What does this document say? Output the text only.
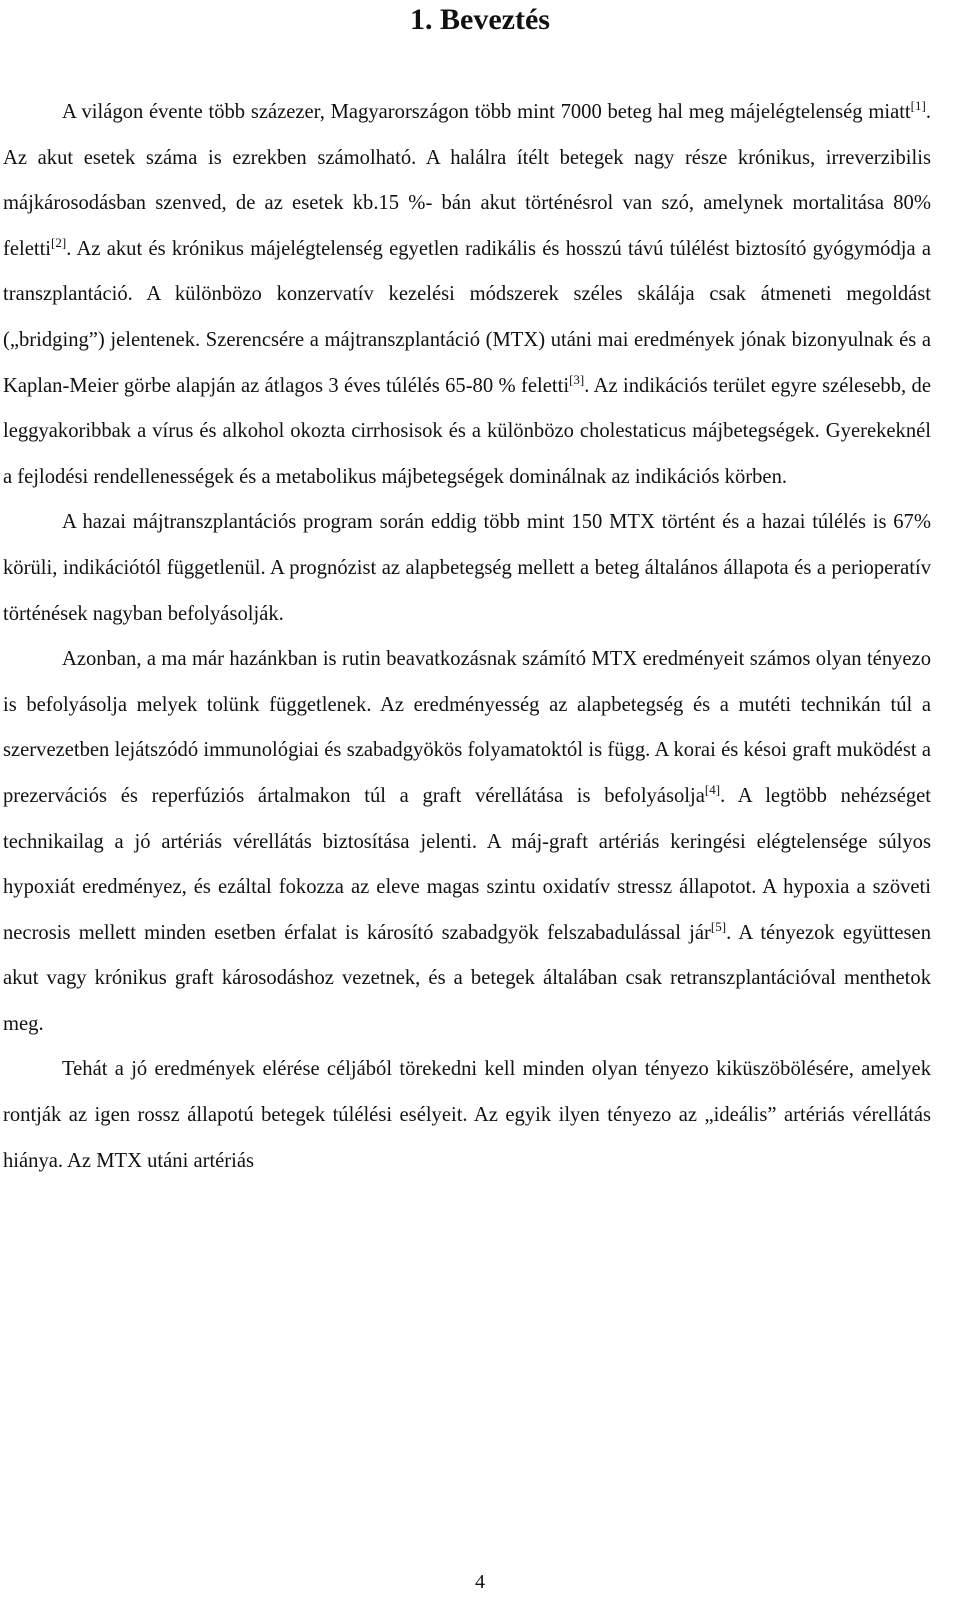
1. Beveztés

A világon évente több százezer, Magyarországon több mint 7000 beteg hal meg májelégtelenség miatt[1]. Az akut esetek száma is ezrekben számolható. A halálra ítélt betegek nagy része krónikus, irreverzibilis májkárosodásban szenved, de az esetek kb.15 %- bán akut történésrol van szó, amelynek mortalitása 80% feletti[2]. Az akut és krónikus májelégtelenség egyetlen radikális és hosszú távú túlélést biztosító gyógymódja a transzplantáció. A különbözo konzervatív kezelési módszerek széles skálája csak átmeneti megoldást („bridging”) jelentenek. Szerencsére a májtranszplantáció (MTX) utáni mai eredmények jónak bizonyulnak és a Kaplan-Meier görbe alapján az átlagos 3 éves túlélés 65-80 % feletti[3]. Az indikációs terület egyre szélesebb, de leggyakoribbak a vírus és alkohol okozta cirrhosisok és a különbözo cholestaticus májbetegségek. Gyerekeknél a fejlodési rendellenességek és a metabolikus májbetegségek dominálnak az indikációs körben.

A hazai májtranszplantációs program során eddig több mint 150 MTX történt és a hazai túlélés is 67% körüli, indikációtól függetlenül. A prognózist az alapbetegség mellett a beteg általános állapota és a perioperatív történések nagyban befolyásolják.

Azonban, a ma már hazánkban is rutin beavatkozásnak számító MTX eredményeit számos olyan tényezo is befolyásolja melyek tolünk függetlenek. Az eredményesség az alapbetegség és a mutéti technikán túl a szervezetben lejátszódó immunológiai és szabadgyökös folyamatoktól is függ. A korai és késoi graft muködést a prezervációs és reperfúziós ártalmakon túl a graft vérellátása is befolyásolja[4]. A legtöbb nehézséget technikailag a jó artériás vérellátás biztosítása jelenti. A máj-graft artériás keringési elégtelensége súlyos hypoxiát eredményez, és ezáltal fokozza az eleve magas szintu oxidatív stressz állapotot. A hypoxia a szöveti necrosis mellett minden esetben érfalat is károsító szabadgyök felszabadulással jár[5]. A tényezok együttesen akut vagy krónikus graft károsodáshoz vezetnek, és a betegek általában csak retranszplantációval menthetok meg.

Tehát a jó eredmények elérése céljából törekedni kell minden olyan tényezo kiküszöbölésére, amelyek rontják az igen rossz állapotú betegek túlélési esélyeit. Az egyik ilyen tényezo az „ideális” artériás vérellátás hiánya. Az MTX utáni artériás

4
